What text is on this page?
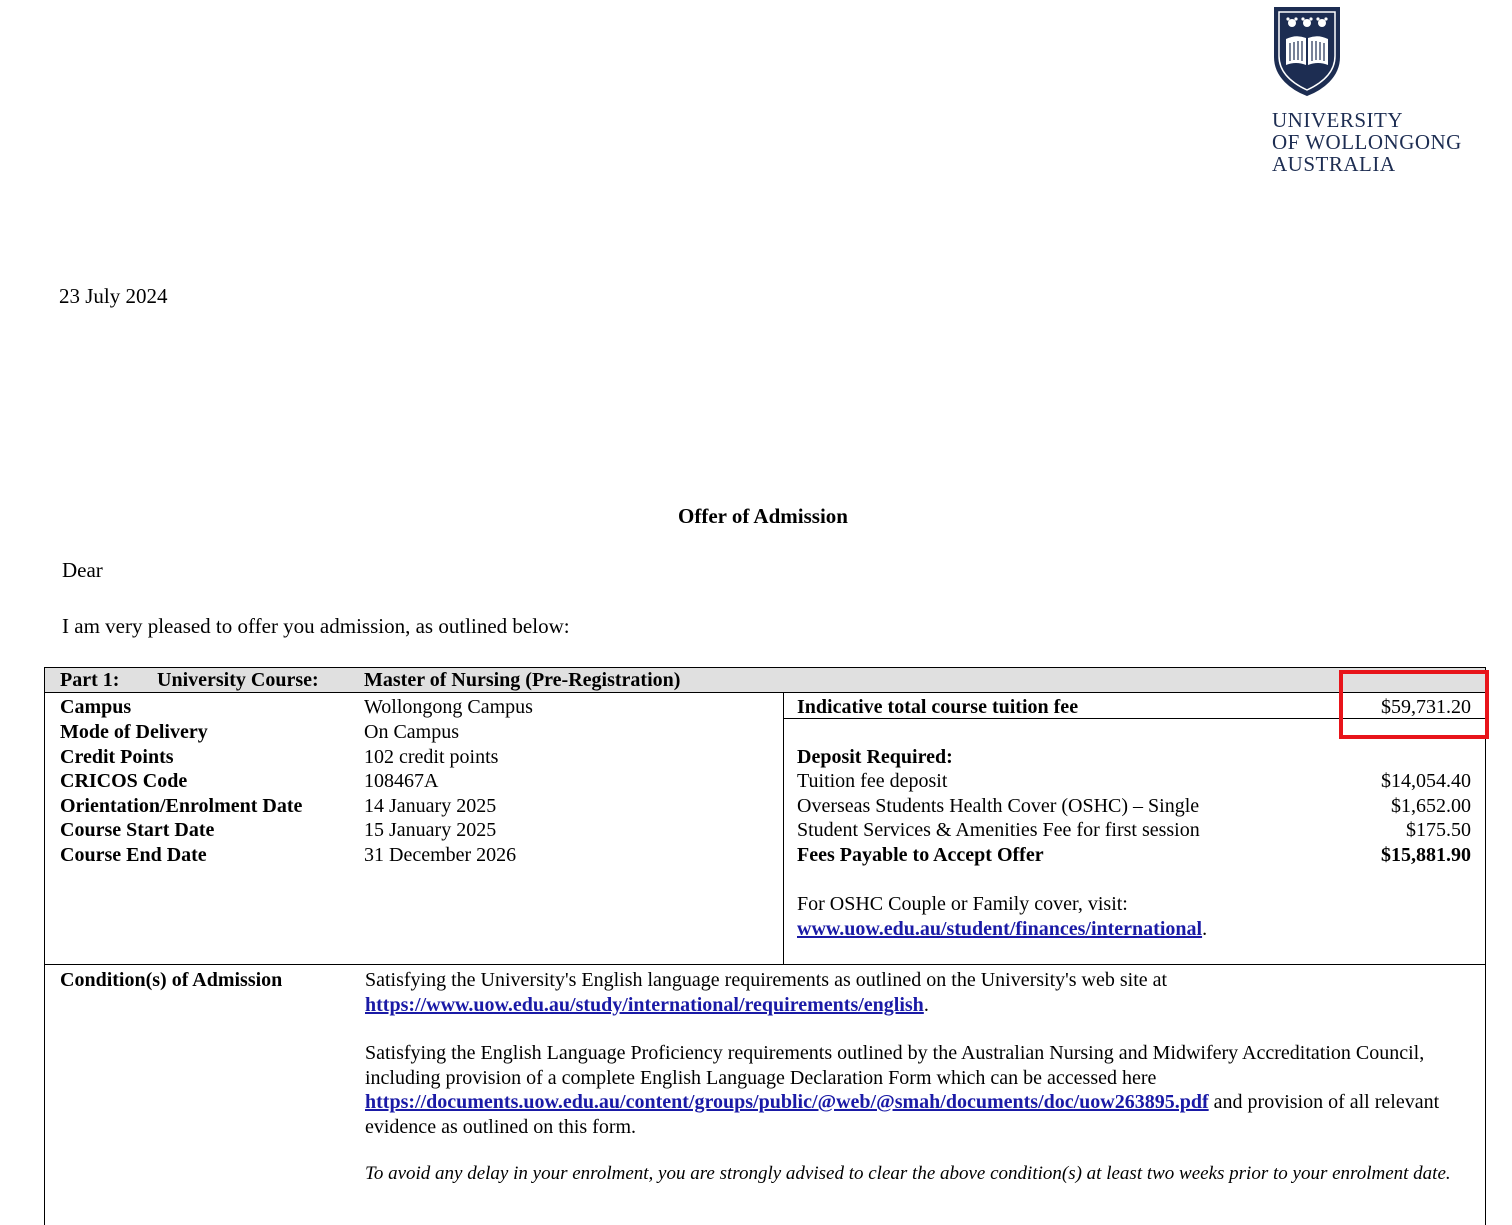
UNIVERSITY
OF WOLLONGONG
AUSTRALIA
23 July 2024
Offer of Admission
Dear
I am very pleased to offer you admission, as outlined below:
Part 1: University Course: Master of Nursing (Pre-Registration)
Campus	Wollongong Campus
Mode of Delivery	On Campus
Credit Points	102 credit points
CRICOS Code	108467A
Orientation/Enrolment Date	14 January 2025
Course Start Date	15 January 2025
Course End Date	31 December 2026
Indicative total course tuition fee	$59,731.20
Deposit Required:
Tuition fee deposit	$14,054.40
Overseas Students Health Cover (OSHC) – Single	$1,652.00
Student Services & Amenities Fee for first session	$175.50
Fees Payable to Accept Offer	$15,881.90
For OSHC Couple or Family cover, visit:
www.uow.edu.au/student/finances/international.
Condition(s) of Admission	Satisfying the University's English language requirements as outlined on the University's web site at
https://www.uow.edu.au/study/international/requirements/english.
Satisfying the English Language Proficiency requirements outlined by the Australian Nursing and Midwifery Accreditation Council, including provision of a complete English Language Declaration Form which can be accessed here https://documents.uow.edu.au/content/groups/public/@web/@smah/documents/doc/uow263895.pdf and provision of all relevant evidence as outlined on this form.
To avoid any delay in your enrolment, you are strongly advised to clear the above condition(s) at least two weeks prior to your enrolment date.
